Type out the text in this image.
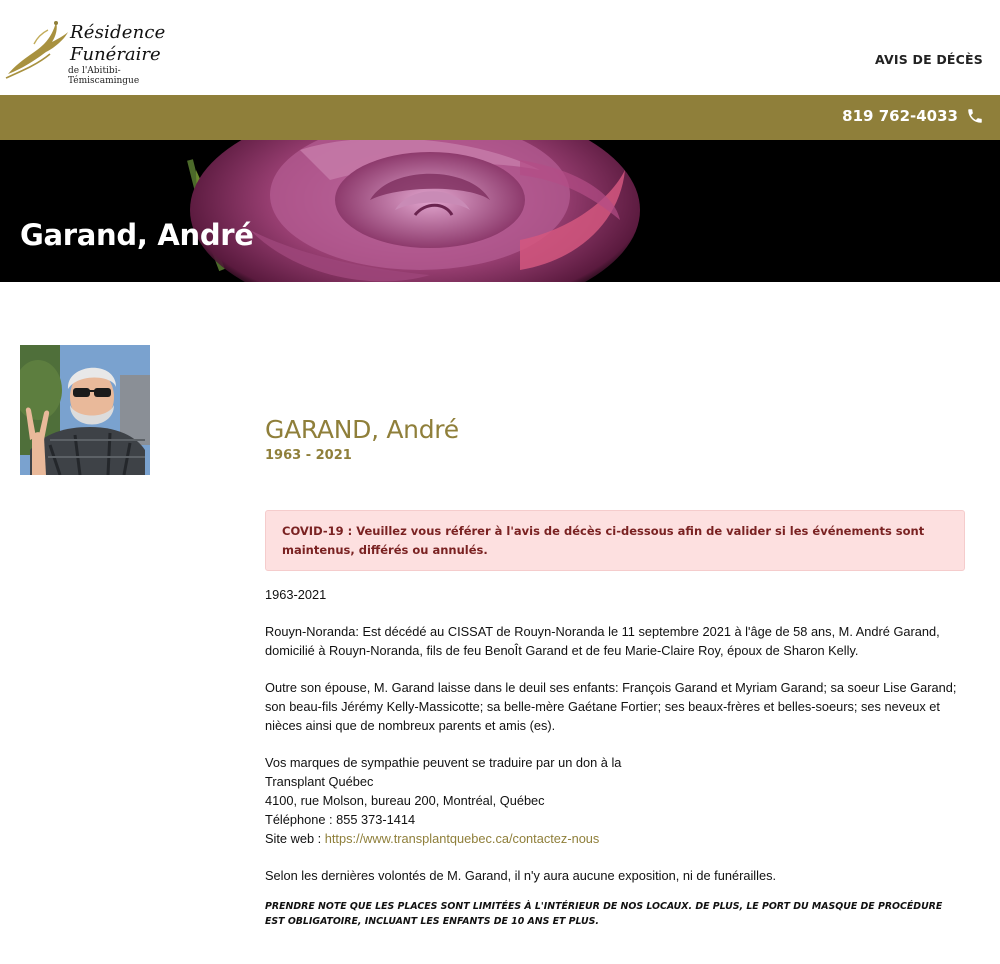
Résidence
Funéraire
de l'Abitibi-Témiscamingue
AVIS DE DÉCÈS
819 762-4033
Garand, André
GARAND, André
1963 - 2021
COVID-19 : Veuillez vous référer à l'avis de décès ci-dessous afin de valider si les événements sont maintenus, différés ou annulés.
1963-2021
Rouyn-Noranda: Est décédé au CISSAT de Rouyn-Noranda le 11 septembre 2021 à l'âge de 58 ans, M. André Garand, domicilié à Rouyn-Noranda, fils de feu BenoÎt Garand et de feu Marie-Claire Roy, époux de Sharon Kelly.
Outre son épouse, M. Garand laisse dans le deuil ses enfants: François Garand et Myriam Garand; sa soeur Lise Garand; son beau-fils Jérémy Kelly-Massicotte; sa belle-mère Gaétane Fortier; ses beaux-frères et belles-soeurs; ses neveux et nièces ainsi que de nombreux parents et amis (es).
Vos marques de sympathie peuvent se traduire par un don à la
Transplant Québec
4100, rue Molson, bureau 200, Montréal, Québec
Téléphone : 855 373-1414
Site web : https://www.transplantquebec.ca/contactez-nous
Selon les dernières volontés de M. Garand, il n'y aura aucune exposition, ni de funérailles.
PRENDRE NOTE QUE LES PLACES SONT LIMITÉES À L'INTÉRIEUR DE NOS LOCAUX. DE PLUS, LE PORT DU MASQUE DE PROCÉDURE EST OBLIGATOIRE, INCLUANT LES ENFANTS DE 10 ANS ET PLUS.
